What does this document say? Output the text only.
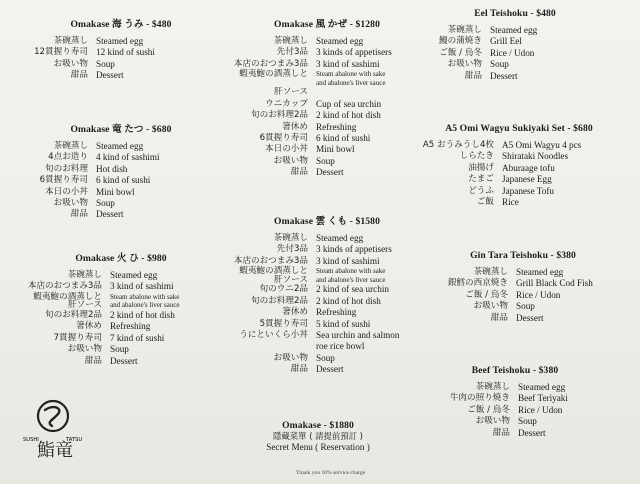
Omakase 海 うみ - $480
茶碗蒸し Steamed egg
12貫握り寿司 12 kind of sushi
お吸い物 Soup
甜品 Dessert
Omakase 竜 たつ - $680
茶碗蒸し Steamed egg
4点お造り 4 kind of sashimi
旬のお料理 Hot dish
6貫握り寿司 6 kind of sushi
本日の小丼 Mini bowl
お吸い物 Soup
甜品 Dessert
Omakase 火 ひ - $980
茶碗蒸し Steamed egg
本店のおつまみ3品 3 kind of sashimi
蝦夷鮑の酒蒸しと	Steam abalone with sake
肝ソース	and abalone's liver sauce
旬のお料理2品 2 kind of hot dish
箸休め Refreshing
7貫握り寿司 7 kind of sushi
お吸い物 Soup
甜品 Dessert
Omakase 風 かぜ - $1280
茶碗蒸し Steamed egg
先付3品 3 kinds of appetisers
本店のおつまみ3品 3 kind of sashimi
蝦夷鮑の酒蒸しと	Steam abalone with sake
and abalone's liver sauce
肝ソース
ウニカップ Cup of sea urchin
旬のお料理2品 2 kind of hot dish
箸休め Refreshing
6貫握り寿司 6 kind of sushi
本日の小丼 Mini bowl
お吸い物 Soup
甜品 Dessert
Omakase 雲 くも - $1580
茶碗蒸し Steamed egg
先付3品 3 kinds of appetisers
本店のおつまみ3品 3 kind of sashimi
蝦夷鮑の酒蒸しと	Steam abalone with sake
肝ソース	and abalone's liver sauce
旬のウニ2品 2 kind of sea urchin
旬のお料理2品 2 kind of hot dish
箸休め Refreshing
5貫握り寿司 5 kind of sushi
うにといくら小丼 Sea urchin and salmon
roe rice bowl
お吸い物 Soup
甜品 Dessert
Eel Teishoku - $480
茶碗蒸し Steamed egg
鰻の蒲焼き Grill Eel
ご飯 / 烏冬 Rice / Udon
お吸い物 Soup
甜品 Dessert
A5 Omi Wagyu Sukiyaki Set - $680
A5 おうみうし4枚 A5 Omi Wagyu 4 pcs
しらたき Shirataki Noodles
油揚げ Aburaage tofu
たまご Japanese Egg
どうふ Japanese Tofu
ご飯 Rice
Gin Tara Teishoku - $380
茶碗蒸し Steamed egg
銀鱈の西京焼き Grill Black Cod Fish
ご飯 / 烏冬 Rice / Udon
お吸い物 Soup
甜品 Dessert
Beef Teishoku - $380
茶碗蒸し Steamed egg
牛肉の照り焼き Beef Teriyaki
ご飯 / 烏冬 Rice / Udon
お吸い物 Soup
甜品 Dessert
Omakase - $1880
隱藏菜單 ( 請提前預訂 )
Secret Menu ( Reservation )
Thank you 10% service charge
SUSHI	TATSU
鮨竜
